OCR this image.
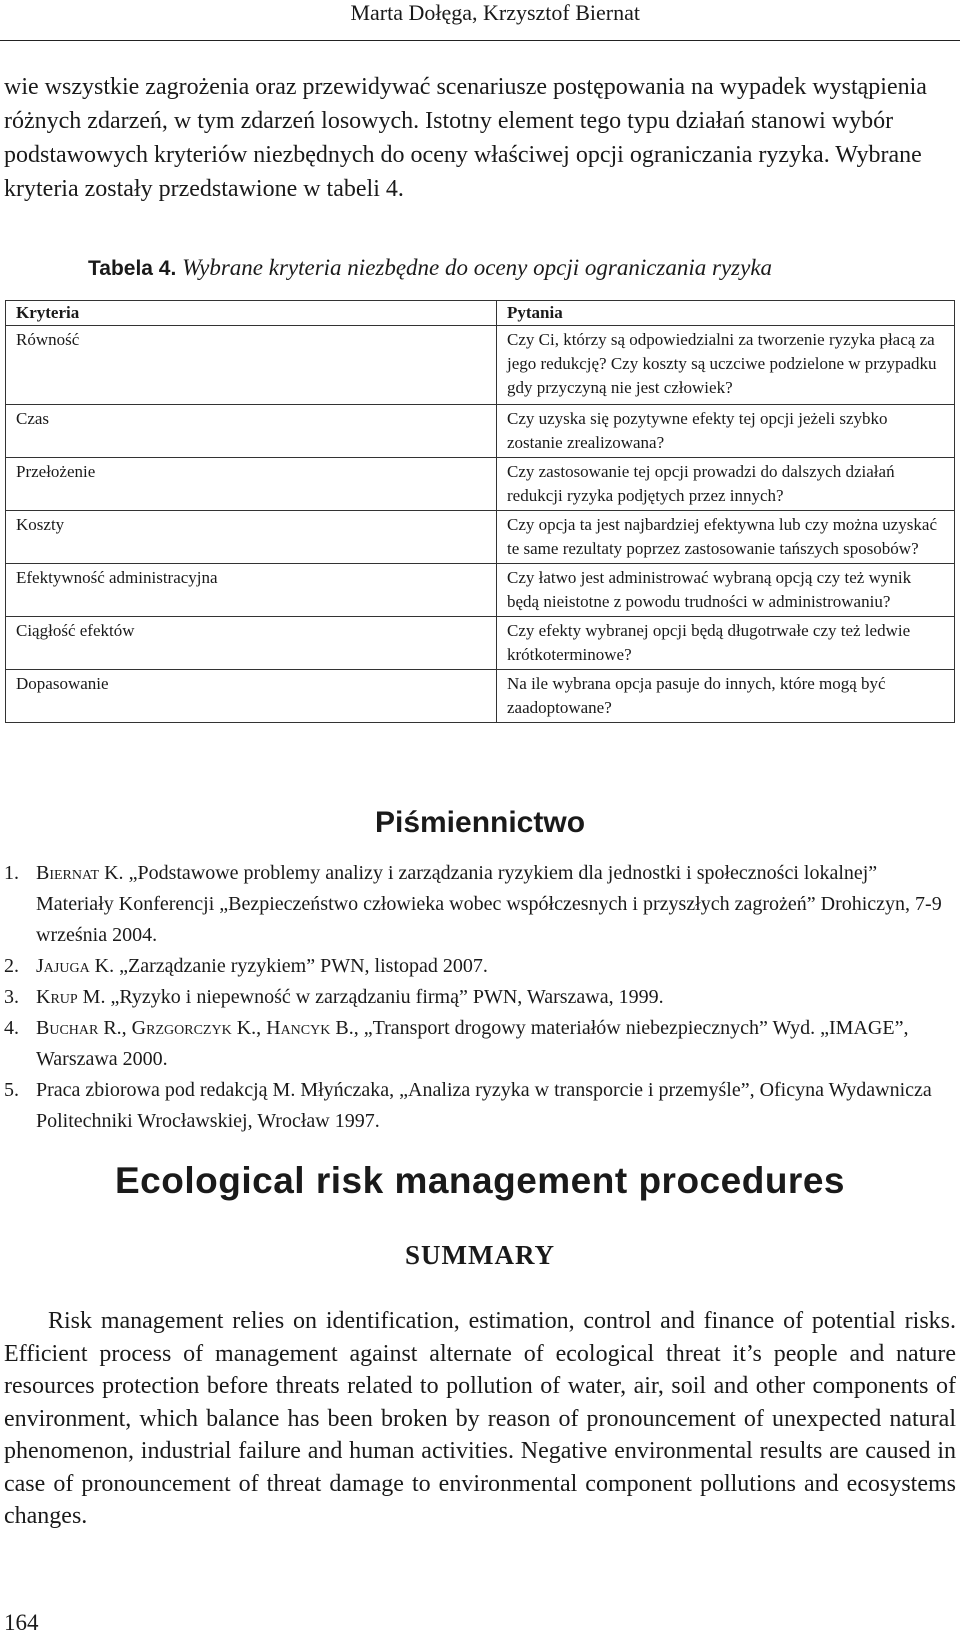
Marta Dołęga, Krzysztof Biernat

wie wszystkie zagrożenia oraz przewidywać scenariusze postępowania na wypadek wystąpienia różnych zdarzeń, w tym zdarzeń losowych. Istotny element tego typu działań stanowi wybór podstawowych kryteriów niezbędnych do oceny właściwej opcji ograniczania ryzyka. Wybrane kryteria zostały przedstawione w tabeli 4.

Tabela 4. Wybrane kryteria niezbędne do oceny opcji ograniczania ryzyka

Kryteria	Pytania
Równość	Czy Ci, którzy są odpowiedzialni za tworzenie ryzyka płacą za jego redukcję? Czy koszty są uczciwe podzielone w przypadku gdy przyczyną nie jest człowiek?
Czas	Czy uzyska się pozytywne efekty tej opcji jeżeli szybko zostanie zrealizowana?
Przełożenie	Czy zastosowanie tej opcji prowadzi do dalszych działań redukcji ryzyka podjętych przez innych?
Koszty	Czy opcja ta jest najbardziej efektywna lub czy można uzyskać te same rezultaty poprzez zastosowanie tańszych sposobów?
Efektywność administracyjna	Czy łatwo jest administrować wybraną opcją czy też wynik będą nieistotne z powodu trudności w administrowaniu?
Ciągłość efektów	Czy efekty wybranej opcji będą długotrwałe czy też ledwie krótkoterminowe?
Dopasowanie	Na ile wybrana opcja pasuje do innych, które mogą być zaadoptowane?
Piśmiennictwo
1. Biernat K. „Podstawowe problemy analizy i zarządzania ryzykiem dla jednostki i społeczności lokalnej” Materiały Konferencji „Bezpieczeństwo człowieka wobec współczesnych i przyszłych zagrożeń” Drohiczyn, 7-9 września 2004.
2. Jajuga K. „Zarządzanie ryzykiem” PWN, listopad 2007.
3. Krup M. „Ryzyko i niepewność w zarządzaniu firmą” PWN, Warszawa, 1999.
4. Buchar R., Grzgorczyk K., Hancyk B., „Transport drogowy materiałów niebezpiecznych” Wyd. „IMAGE”, Warszawa 2000.
5. Praca zbiorowa pod redakcją M. Młyńczaka, „Analiza ryzyka w transporcie i przemyśle”, Oficyna Wydawnicza Politechniki Wrocławskiej, Wrocław 1997.
Ecological risk management procedures
SUMMARY

Risk management relies on identification, estimation, control and finance of potential risks. Efficient process of management against alternate of ecological threat it’s people and nature resources protection before threats related to pollution of water, air, soil and other components of environment, which balance has been broken by reason of pronouncement of unexpected natural phenomenon, industrial failure and human activities. Negative environmental results are caused in case of pronouncement of threat damage to environmental component pollutions and ecosystems changes.

164
